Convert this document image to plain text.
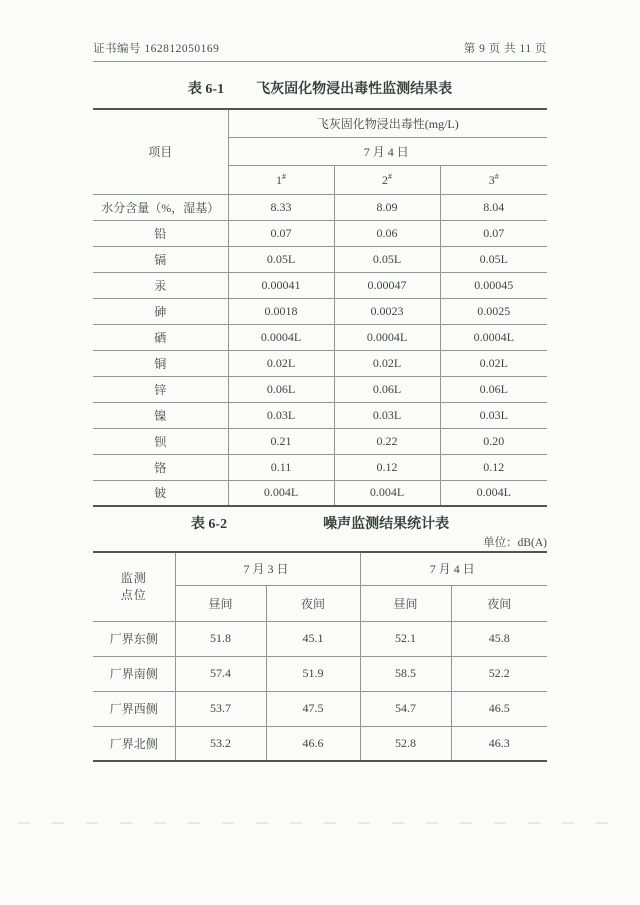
证书编号 162812050169	第 9 页 共 11 页
表 6-1 飞灰固化物浸出毒性监测结果表
项目	飞灰固化物浸出毒性(mg/L)		
	7月4日		
	1#	2#	3#
水分含量（%，湿基）	8.33	8.09	8.04
铅	0.07	0.06	0.07
镉	0.05L	0.05L	0.05L
汞	0.00041	0.00047	0.00045
砷	0.0018	0.0023	0.0025
硒	0.0004L	0.0004L	0.0004L
铜	0.02L	0.02L	0.02L
锌	0.06L	0.06L	0.06L
镍	0.03L	0.03L	0.03L
钡	0.21	0.22	0.20
铬	0.11	0.12	0.12
铍	0.004L	0.004L	0.004L
表 6-2	噪声监测结果统计表
单位：dB(A)
监测
点位	7月3日		7月4日	
	昼间	夜间	昼间	夜间
厂界东侧	51.8	45.1	52.1	45.8
厂界南侧	57.4	51.9	58.5	52.2
厂界西侧	53.7	47.5	54.7	46.5
厂界北侧	53.2	46.6	52.8	46.3
